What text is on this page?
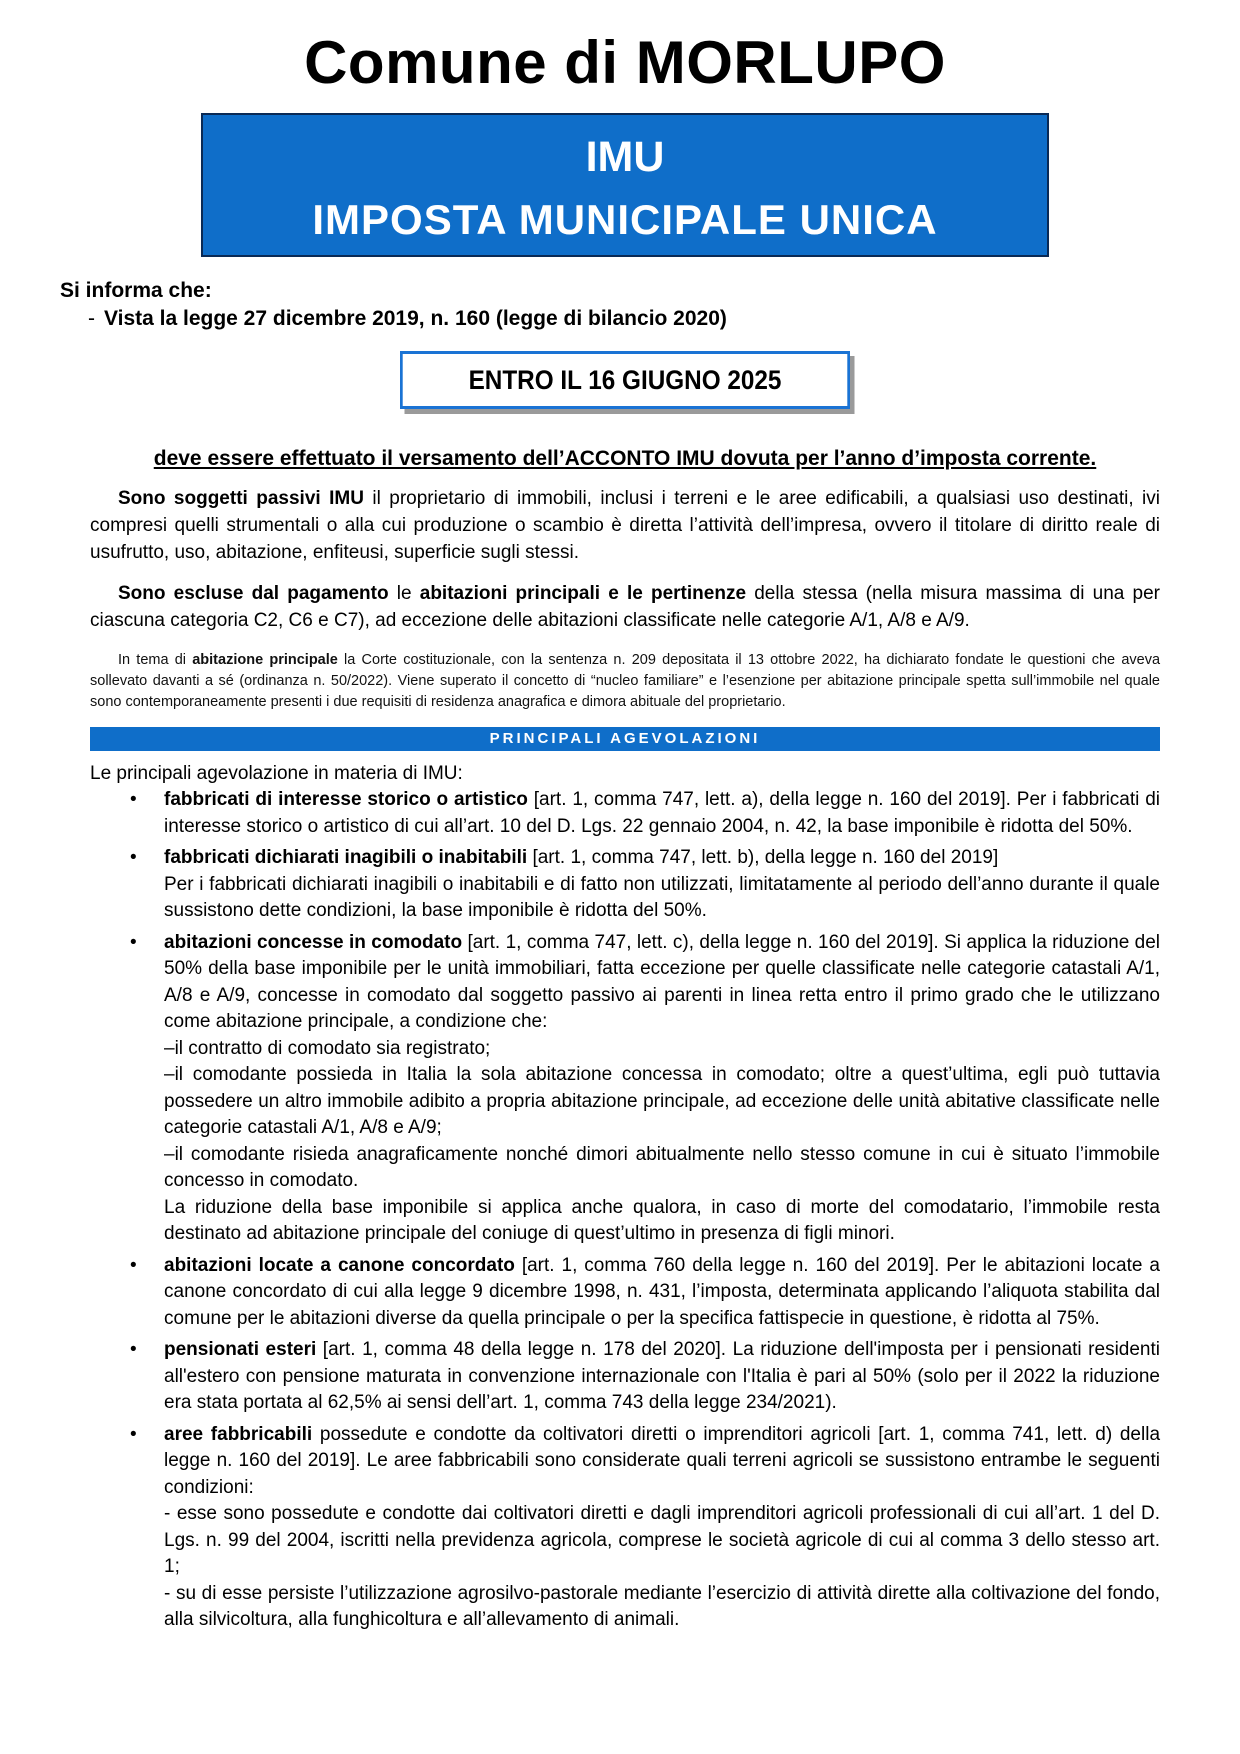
Comune di MORLUPO
IMU
IMPOSTA MUNICIPALE UNICA
Si informa che:
- Vista la legge 27 dicembre 2019, n. 160 (legge di bilancio 2020)
ENTRO IL 16 GIUGNO 2025
deve essere effettuato il versamento dell’ACCONTO IMU dovuta per l’anno d’imposta corrente.
Sono soggetti passivi IMU il proprietario di immobili, inclusi i terreni e le aree edificabili, a qualsiasi uso destinati, ivi compresi quelli strumentali o alla cui produzione o scambio è diretta l’attività dell’impresa, ovvero il titolare di diritto reale di usufrutto, uso, abitazione, enfiteusi, superficie sugli stessi.
Sono escluse dal pagamento le abitazioni principali e le pertinenze della stessa (nella misura massima di una per ciascuna categoria C2, C6 e C7), ad eccezione delle abitazioni classificate nelle categorie A/1, A/8 e A/9.
In tema di abitazione principale la Corte costituzionale, con la sentenza n. 209 depositata il 13 ottobre 2022, ha dichiarato fondate le questioni che aveva sollevato davanti a sé (ordinanza n. 50/2022). Viene superato il concetto di “nucleo familiare” e l’esenzione per abitazione principale spetta sull’immobile nel quale sono contemporaneamente presenti i due requisiti di residenza anagrafica e dimora abituale del proprietario.
PRINCIPALI AGEVOLAZIONI
Le principali agevolazione in materia di IMU:
• fabbricati di interesse storico o artistico [art. 1, comma 747, lett. a), della legge n. 160 del 2019]. Per i fabbricati di interesse storico o artistico di cui all’art. 10 del D. Lgs. 22 gennaio 2004, n. 42, la base imponibile è ridotta del 50%.
• fabbricati dichiarati inagibili o inabitabili [art. 1, comma 747, lett. b), della legge n. 160 del 2019]
Per i fabbricati dichiarati inagibili o inabitabili e di fatto non utilizzati, limitatamente al periodo dell’anno durante il quale sussistono dette condizioni, la base imponibile è ridotta del 50%.
• abitazioni concesse in comodato [art. 1, comma 747, lett. c), della legge n. 160 del 2019]. Si applica la riduzione del 50% della base imponibile per le unità immobiliari, fatta eccezione per quelle classificate nelle categorie catastali A/1, A/8 e A/9, concesse in comodato dal soggetto passivo ai parenti in linea retta entro il primo grado che le utilizzano come abitazione principale, a condizione che:
–il contratto di comodato sia registrato;
–il comodante possieda in Italia la sola abitazione concessa in comodato; oltre a quest’ultima, egli può tuttavia possedere un altro immobile adibito a propria abitazione principale, ad eccezione delle unità abitative classificate nelle categorie catastali A/1, A/8 e A/9;
–il comodante risieda anagraficamente nonché dimori abitualmente nello stesso comune in cui è situato l’immobile concesso in comodato.
La riduzione della base imponibile si applica anche qualora, in caso di morte del comodatario, l’immobile resta destinato ad abitazione principale del coniuge di quest’ultimo in presenza di figli minori.
• abitazioni locate a canone concordato [art. 1, comma 760 della legge n. 160 del 2019]. Per le abitazioni locate a canone concordato di cui alla legge 9 dicembre 1998, n. 431, l’imposta, determinata applicando l’aliquota stabilita dal comune per le abitazioni diverse da quella principale o per la specifica fattispecie in questione, è ridotta al 75%.
• pensionati esteri [art. 1, comma 48 della legge n. 178 del 2020]. La riduzione dell'imposta per i pensionati residenti all'estero con pensione maturata in convenzione internazionale con l'Italia è pari al 50% (solo per il 2022 la riduzione era stata portata al 62,5% ai sensi dell’art. 1, comma 743 della legge 234/2021).
• aree fabbricabili possedute e condotte da coltivatori diretti o imprenditori agricoli [art. 1, comma 741, lett. d) della legge n. 160 del 2019]. Le aree fabbricabili sono considerate quali terreni agricoli se sussistono entrambe le seguenti condizioni:
- esse sono possedute e condotte dai coltivatori diretti e dagli imprenditori agricoli professionali di cui all’art. 1 del D. Lgs. n. 99 del 2004, iscritti nella previdenza agricola, comprese le società agricole di cui al comma 3 dello stesso art. 1;
- su di esse persiste l’utilizzazione agrosilvo-pastorale mediante l’esercizio di attività dirette alla coltivazione del fondo, alla silvicoltura, alla funghicoltura e all’allevamento di animali.
